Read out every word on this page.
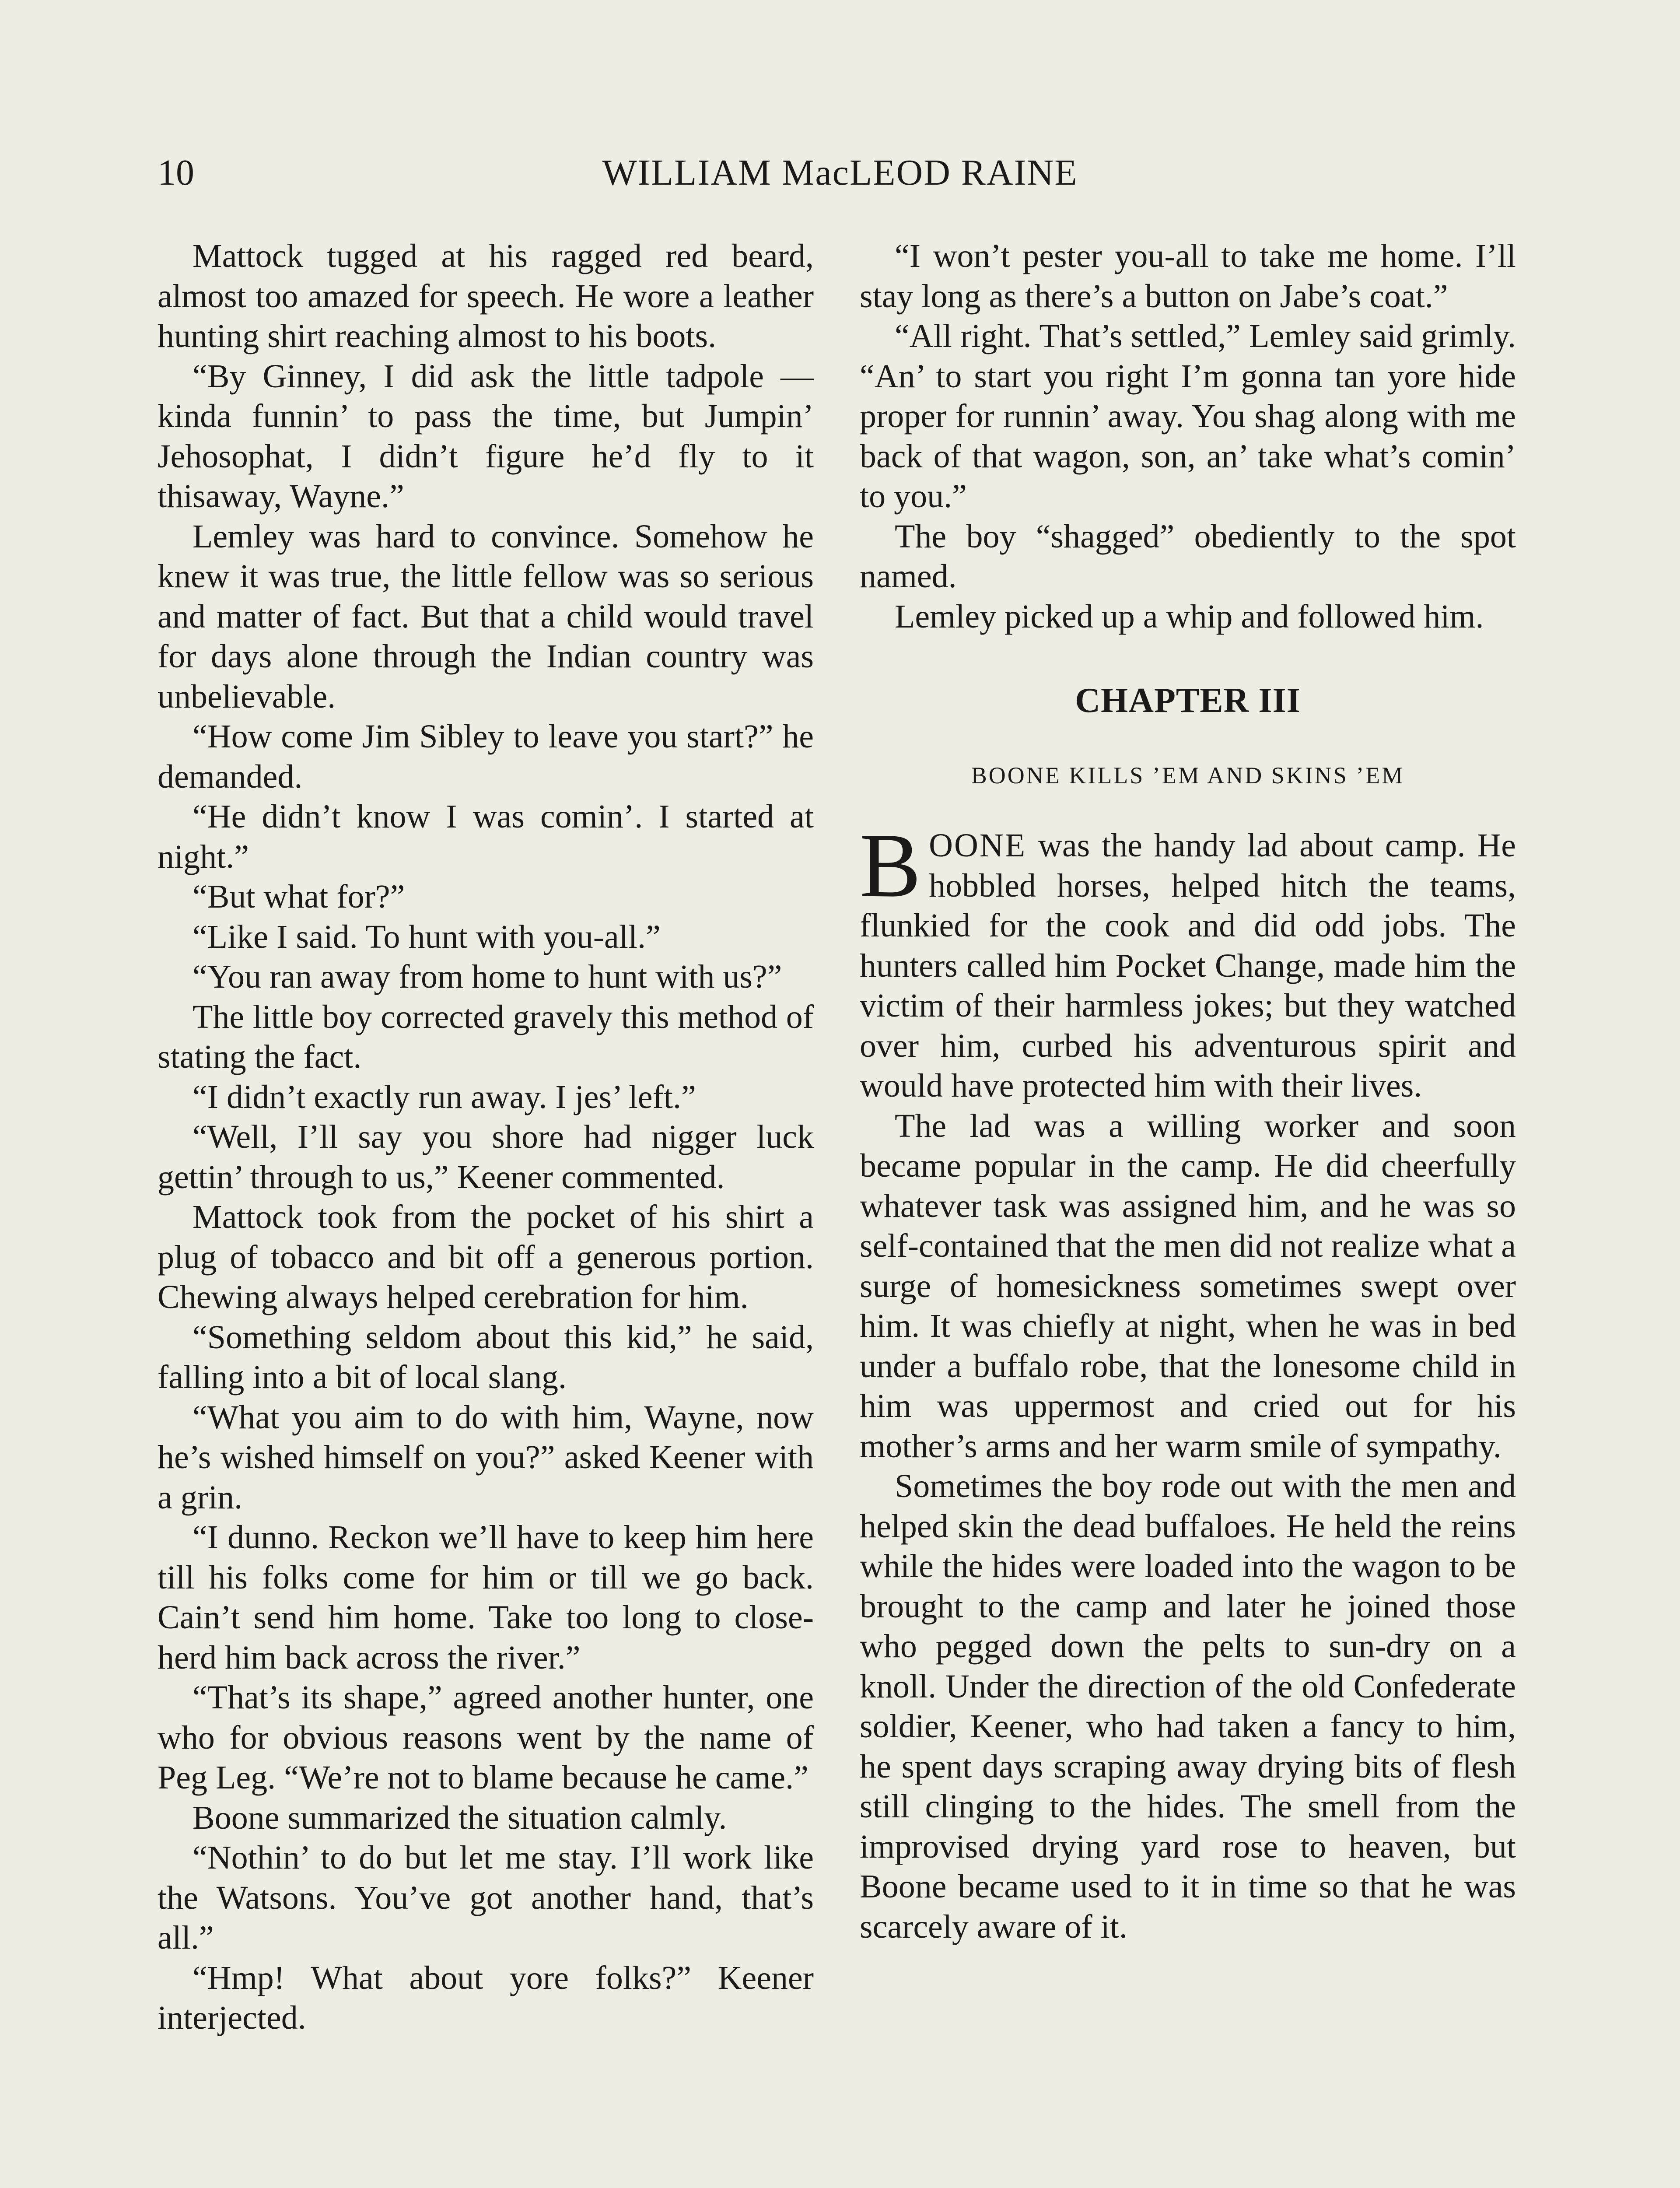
10	WILLIAM MacLEOD RAINE

Mattock tugged at his ragged red beard, almost too amazed for speech. He wore a leather hunting shirt reaching almost to his boots.

“By Ginney, I did ask the little tadpole —kinda funnin’ to pass the time, but Jumpin’ Jehosophat, I didn’t figure he’d fly to it thisaway, Wayne.”

Lemley was hard to convince. Somehow he knew it was true, the little fellow was so serious and matter of fact. But that a child would travel for days alone through the Indian country was unbelievable.

“How come Jim Sibley to leave you start?” he demanded.

“He didn’t know I was comin’. I started at night.”

“But what for?”

“Like I said. To hunt with you-all.”

“You ran away from home to hunt with us?”

The little boy corrected gravely this method of stating the fact.

“I didn’t exactly run away. I jes’ left.”

“Well, I’ll say you shore had nigger luck gettin’ through to us,” Keener commented.

Mattock took from the pocket of his shirt a plug of tobacco and bit off a generous portion. Chewing always helped cerebration for him.

“Something seldom about this kid,” he said, falling into a bit of local slang.

“What you aim to do with him, Wayne, now he’s wished himself on you?” asked Keener with a grin.

“I dunno. Reckon we’ll have to keep him here till his folks come for him or till we go back. Cain’t send him home. Take too long to close-herd him back across the river.”

“That’s its shape,” agreed another hunter, one who for obvious reasons went by the name of Peg Leg. “We’re not to blame because he came.”

Boone summarized the situation calmly.

“Nothin’ to do but let me stay. I’ll work like the Watsons. You’ve got another hand, that’s all.”

“Hmp! What about yore folks?” Keener interjected.

“I won’t pester you-all to take me home. I’ll stay long as there’s a button on Jabe’s coat.”

“All right. That’s settled,” Lemley said grimly. “An’ to start you right I’m gonna tan yore hide proper for runnin’ away. You shag along with me back of that wagon, son, an’ take what’s comin’ to you.”

The boy “shagged” obediently to the spot named.

Lemley picked up a whip and followed him.

CHAPTER III
BOONE KILLS ’EM AND SKINS ’EM

BOONE was the handy lad about camp. He hobbled horses, helped hitch the teams, flunkied for the cook and did odd jobs. The hunters called him Pocket Change, made him the victim of their harmless jokes; but they watched over him, curbed his adventurous spirit and would have protected him with their lives.

The lad was a willing worker and soon became popular in the camp. He did cheerfully whatever task was assigned him, and he was so self-contained that the men did not realize what a surge of homesickness sometimes swept over him. It was chiefly at night, when he was in bed under a buffalo robe, that the lonesome child in him was uppermost and cried out for his mother’s arms and her warm smile of sympathy.

Sometimes the boy rode out with the men and helped skin the dead buffaloes. He held the reins while the hides were loaded into the wagon to be brought to the camp and later he joined those who pegged down the pelts to sun-dry on a knoll. Under the direction of the old Confederate soldier, Keener, who had taken a fancy to him, he spent days scraping away drying bits of flesh still clinging to the hides. The smell from the improvised drying yard rose to heaven, but Boone became used to it in time so that he was scarcely aware of it.
